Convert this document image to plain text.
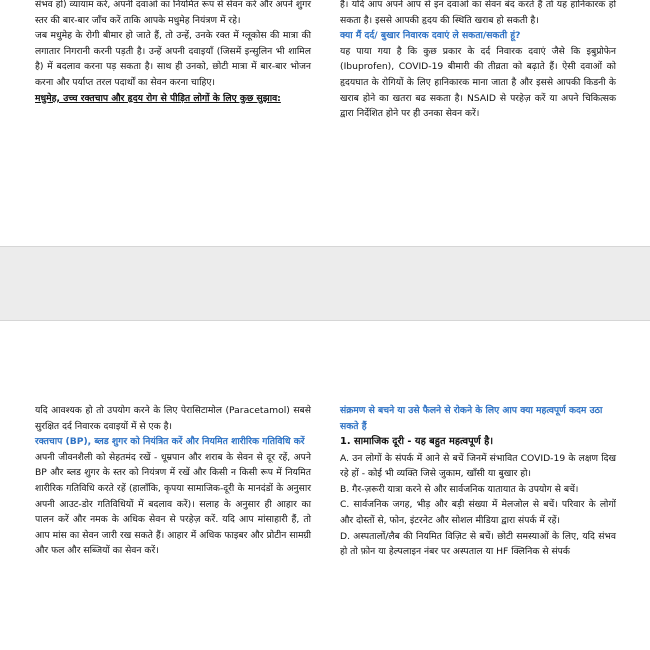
संभव हो) व्यायाम करें, अपनी दवाओं का नियमित रूप से सेवन करें और अपने शुगर स्तर की बार-बार जाँच करें ताकि आपके मधुमेह नियंत्रण में रहे।

जब मधुमेह के रोगी बीमार हो जाते हैं, तो उन्हें, उनके रक्त में ग्लूकोस की मात्रा की लगातार निगरानी करनी पड़ती है। उन्हें अपनी दवाइयाँ (जिसमें इन्सुलिन भी शामिल है) में बदलाव करना पड़ सकता है। साथ ही उनको, छोटी मात्रा में बार-बार भोजन करना और पर्याप्त तरल पदार्थों का सेवन करना चाहिए।

मधुमेह, उच्च रक्तचाप और हृदय रोग से पीड़ित लोगों के लिए कुछ सुझाव:

है। यदि आप अपने आप से इन दवाओं का सेवन बंद करते हैं तो यह हानिकारक हो सकता है। इससे आपकी हृदय की स्थिति खराब हो सकती है।

क्या मैं दर्द/ बुखार निवारक दवाएं ले सकता/सकती हूं?

यह पाया गया है कि कुछ प्रकार के दर्द निवारक दवाएं जैसे कि इबुप्रोफेन (Ibuprofen), COVID-19 बीमारी की तीव्रता को बढ़ाते हैं। ऐसी दवाओं को हृदयघात के रोगियों के लिए हानिकारक माना जाता है और इससे आपकी किडनी के खराब होने का खतरा बढ सकता है। NSAID से परहेज़ करें या अपने चिकित्सक द्वारा निर्देशित होने पर ही उनका सेवन करें।

यदि आवश्यक हो तो उपयोग करने के लिए पेरासिटामोल (Paracetamol) सबसे सुरक्षित दर्द निवारक दवाइयों में से एक है।

रक्तचाप (BP), ब्लड शुगर को नियंत्रित करें और नियमित शारीरिक गतिविधि करें

अपनी जीवनशैली को सेहतमंद रखें - धूम्रपान और शराब के सेवन से दूर रहें, अपने BP और ब्लड शुगर के स्तर को नियंत्रण में रखें और किसी न किसी रूप में नियमित शारीरिक गतिविधि करते रहें (हालाँकि, कृपया सामाजिक-दूरी के मानदंडों के अनुसार अपनी आउट-डोर गतिविधियों में बदलाव करें)। सलाह के अनुसार ही आहार का पालन करें और नमक के अधिक सेवन से परहेज़ करें. यदि आप मांसाहारी हैं, तो आप मांस का सेवन जारी रख सकते हैं। आहार में अधिक फाइबर और प्रोटीन सामग्री और फल और सब्जियों का सेवन करें।

संक्रमण से बचने या उसे फैलने से रोकने के लिए आप क्या महत्वपूर्ण कदम उठा सकते हैं

1. सामाजिक दूरी - यह बहुत महत्वपूर्ण है।

A. उन लोगों के संपर्क में आने से बचें जिनमें संभावित COVID-19 के लक्षण दिख रहे हों - कोई भी व्यक्ति जिसे जुकाम, खाँसी या बुखार हो।

B. गैर-ज़रूरी यात्रा करने से और सार्वजनिक यातायात के उपयोग से बचें।

C. सार्वजनिक जगह, भीड़ और बड़ी संख्या में मेलजोल से बचें। परिवार के लोगों और दोस्तों से, फोन, इंटरनेट और सोशल मीडिया द्वारा संपर्क में रहें।

D. अस्पतालों/लैब की नियमित विज़िट से बचें। छोटी समस्याओं के लिए, यदि संभव हो तो फ़ोन या हेल्पलाइन नंबर पर अस्पताल या HF क्लिनिक से संपर्क
